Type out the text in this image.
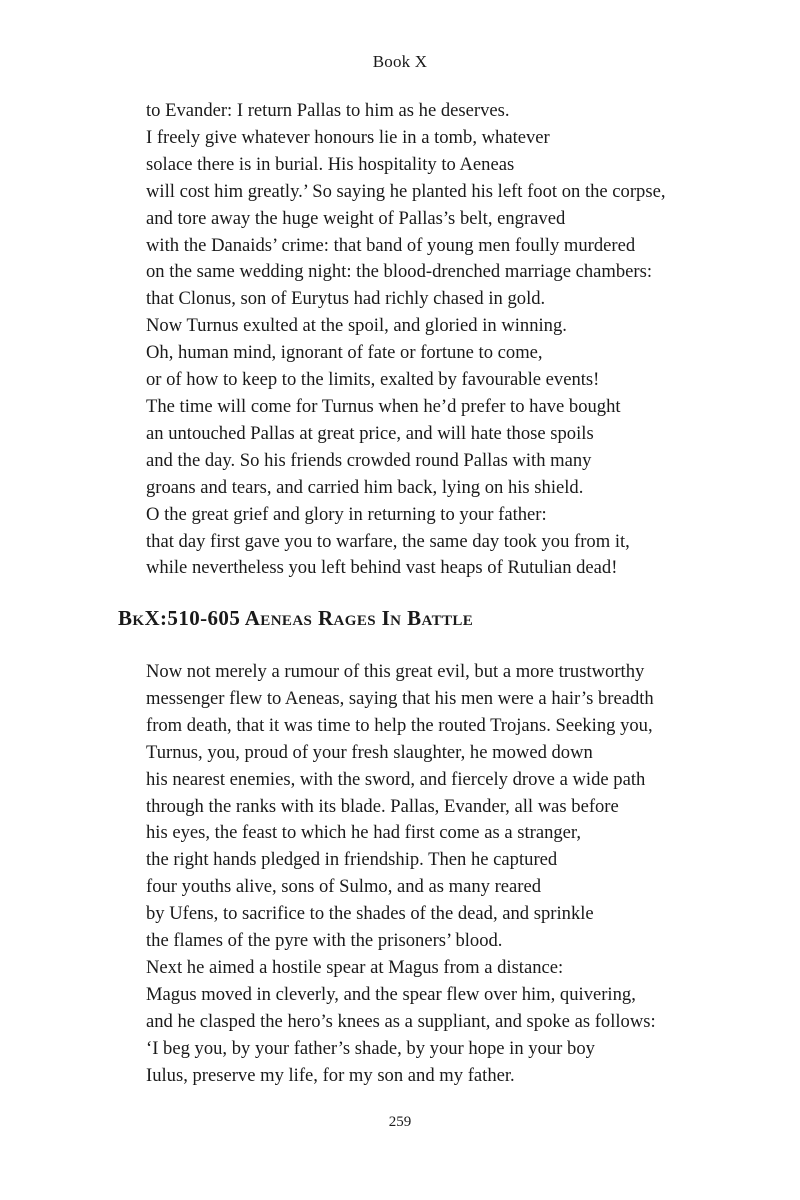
Book X
to Evander: I return Pallas to him as he deserves.
I freely give whatever honours lie in a tomb, whatever
solace there is in burial. His hospitality to Aeneas
will cost him greatly.’ So saying he planted his left foot on the corpse,
and tore away the huge weight of Pallas’s belt, engraved
with the Danaids’ crime: that band of young men foully murdered
on the same wedding night: the blood-drenched marriage chambers:
that Clonus, son of Eurytus had richly chased in gold.
Now Turnus exulted at the spoil, and gloried in winning.
Oh, human mind, ignorant of fate or fortune to come,
or of how to keep to the limits, exalted by favourable events!
The time will come for Turnus when he’d prefer to have bought
an untouched Pallas at great price, and will hate those spoils
and the day. So his friends crowded round Pallas with many
groans and tears, and carried him back, lying on his shield.
O the great grief and glory in returning to your father:
that day first gave you to warfare, the same day took you from it,
while nevertheless you left behind vast heaps of Rutulian dead!
BkX:510-605 Aeneas Rages In Battle
Now not merely a rumour of this great evil, but a more trustworthy
messenger flew to Aeneas, saying that his men were a hair’s breadth
from death, that it was time to help the routed Trojans. Seeking you,
Turnus, you, proud of your fresh slaughter, he mowed down
his nearest enemies, with the sword, and fiercely drove a wide path
through the ranks with its blade. Pallas, Evander, all was before
his eyes, the feast to which he had first come as a stranger,
the right hands pledged in friendship. Then he captured
four youths alive, sons of Sulmo, and as many reared
by Ufens, to sacrifice to the shades of the dead, and sprinkle
the flames of the pyre with the prisoners’ blood.
Next he aimed a hostile spear at Magus from a distance:
Magus moved in cleverly, and the spear flew over him, quivering,
and he clasped the hero’s knees as a suppliant, and spoke as follows:
‘I beg you, by your father’s shade, by your hope in your boy
Iulus, preserve my life, for my son and my father.
259
